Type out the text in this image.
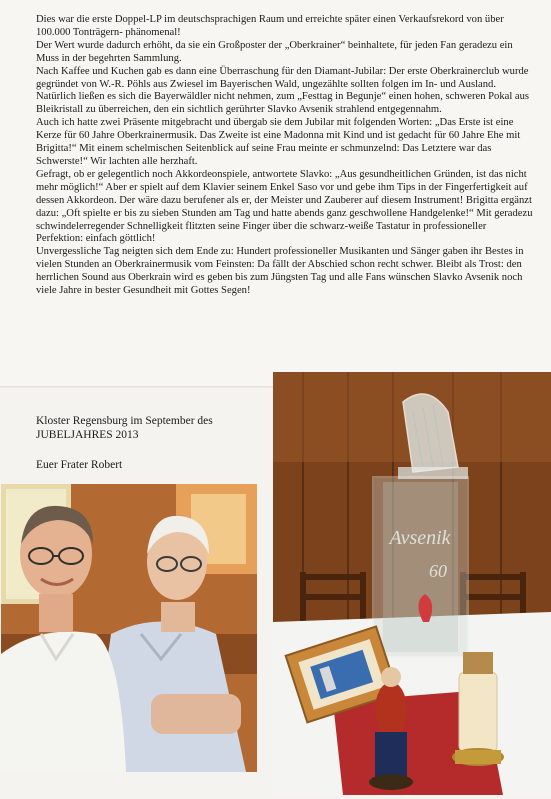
Dies war die erste Doppel-LP im deutschsprachigen Raum und erreichte später einen Verkaufsrekord von über 100.000 Tonträgern- phänomenal!

Der Wert wurde dadurch erhöht, da sie ein Großposter der „Oberkrainer“ beinhaltete, für jeden Fan geradezu ein Muss in der begehrten Sammlung.

Nach Kaffee und Kuchen gab es dann eine Überraschung für den Diamant-Jubilar: Der erste Oberkrainerclub wurde gegründet von W.-R. Pöhls aus Zwiesel im Bayerischen Wald, ungezählte sollten folgen im In- und Ausland. Natürlich ließen es sich die Bayerwäldler nicht nehmen, zum „Festtag in Begunje“ einen hohen, schweren Pokal aus Bleikristall zu überreichen, den ein sichtlich gerührter Slavko Avsenik strahlend entgegennahm.

Auch ich hatte zwei Präsente mitgebracht und übergab sie dem Jubilar mit folgenden Worten: „Das Erste ist eine Kerze für 60 Jahre Oberkrainermusik. Das Zweite ist eine Madonna mit Kind und ist gedacht für 60 Jahre Ehe mit Brigitta!“ Mit einem schelmischen Seitenblick auf seine Frau meinte er schmunzelnd: Das Letztere war das Schwerste!“ Wir lachten alle herzhaft.

Gefragt, ob er gelegentlich noch Akkordeonspiele, antwortete Slavko: „Aus gesundheitlichen Gründen, ist das nicht mehr möglich!“ Aber er spielt auf dem Klavier seinem Enkel Saso vor und gebe ihm Tips in der Fingerfertigkeit auf dessen Akkordeon. Der wäre dazu berufener als er, der Meister und Zauberer auf diesem Instrument! Brigitta ergänzt dazu: „Oft spielte er bis zu sieben Stunden am Tag und hatte abends ganz geschwollene Handgelenke!“ Mit geradezu schwindelerregender Schnelligkeit flitzten seine Finger über die schwarz-weiße Tastatur in professioneller Perfektion: einfach göttlich!

Unvergessliche Tag neigten sich dem Ende zu: Hundert professioneller Musikanten und Sänger gaben ihr Bestes in vielen Stunden an Oberkrainermusik vom Feinsten: Da fällt der Abschied schon recht schwer. Bleibt als Trost: den herrlichen Sound aus Oberkrain wird es geben bis zum Jüngsten Tag und alle Fans wünschen Slavko Avsenik noch viele Jahre in bester Gesundheit mit Gottes Segen!

Kloster Regensburg im September des

JUBELJAHRES 2013

Euer Frater Robert

Avsenik
60
